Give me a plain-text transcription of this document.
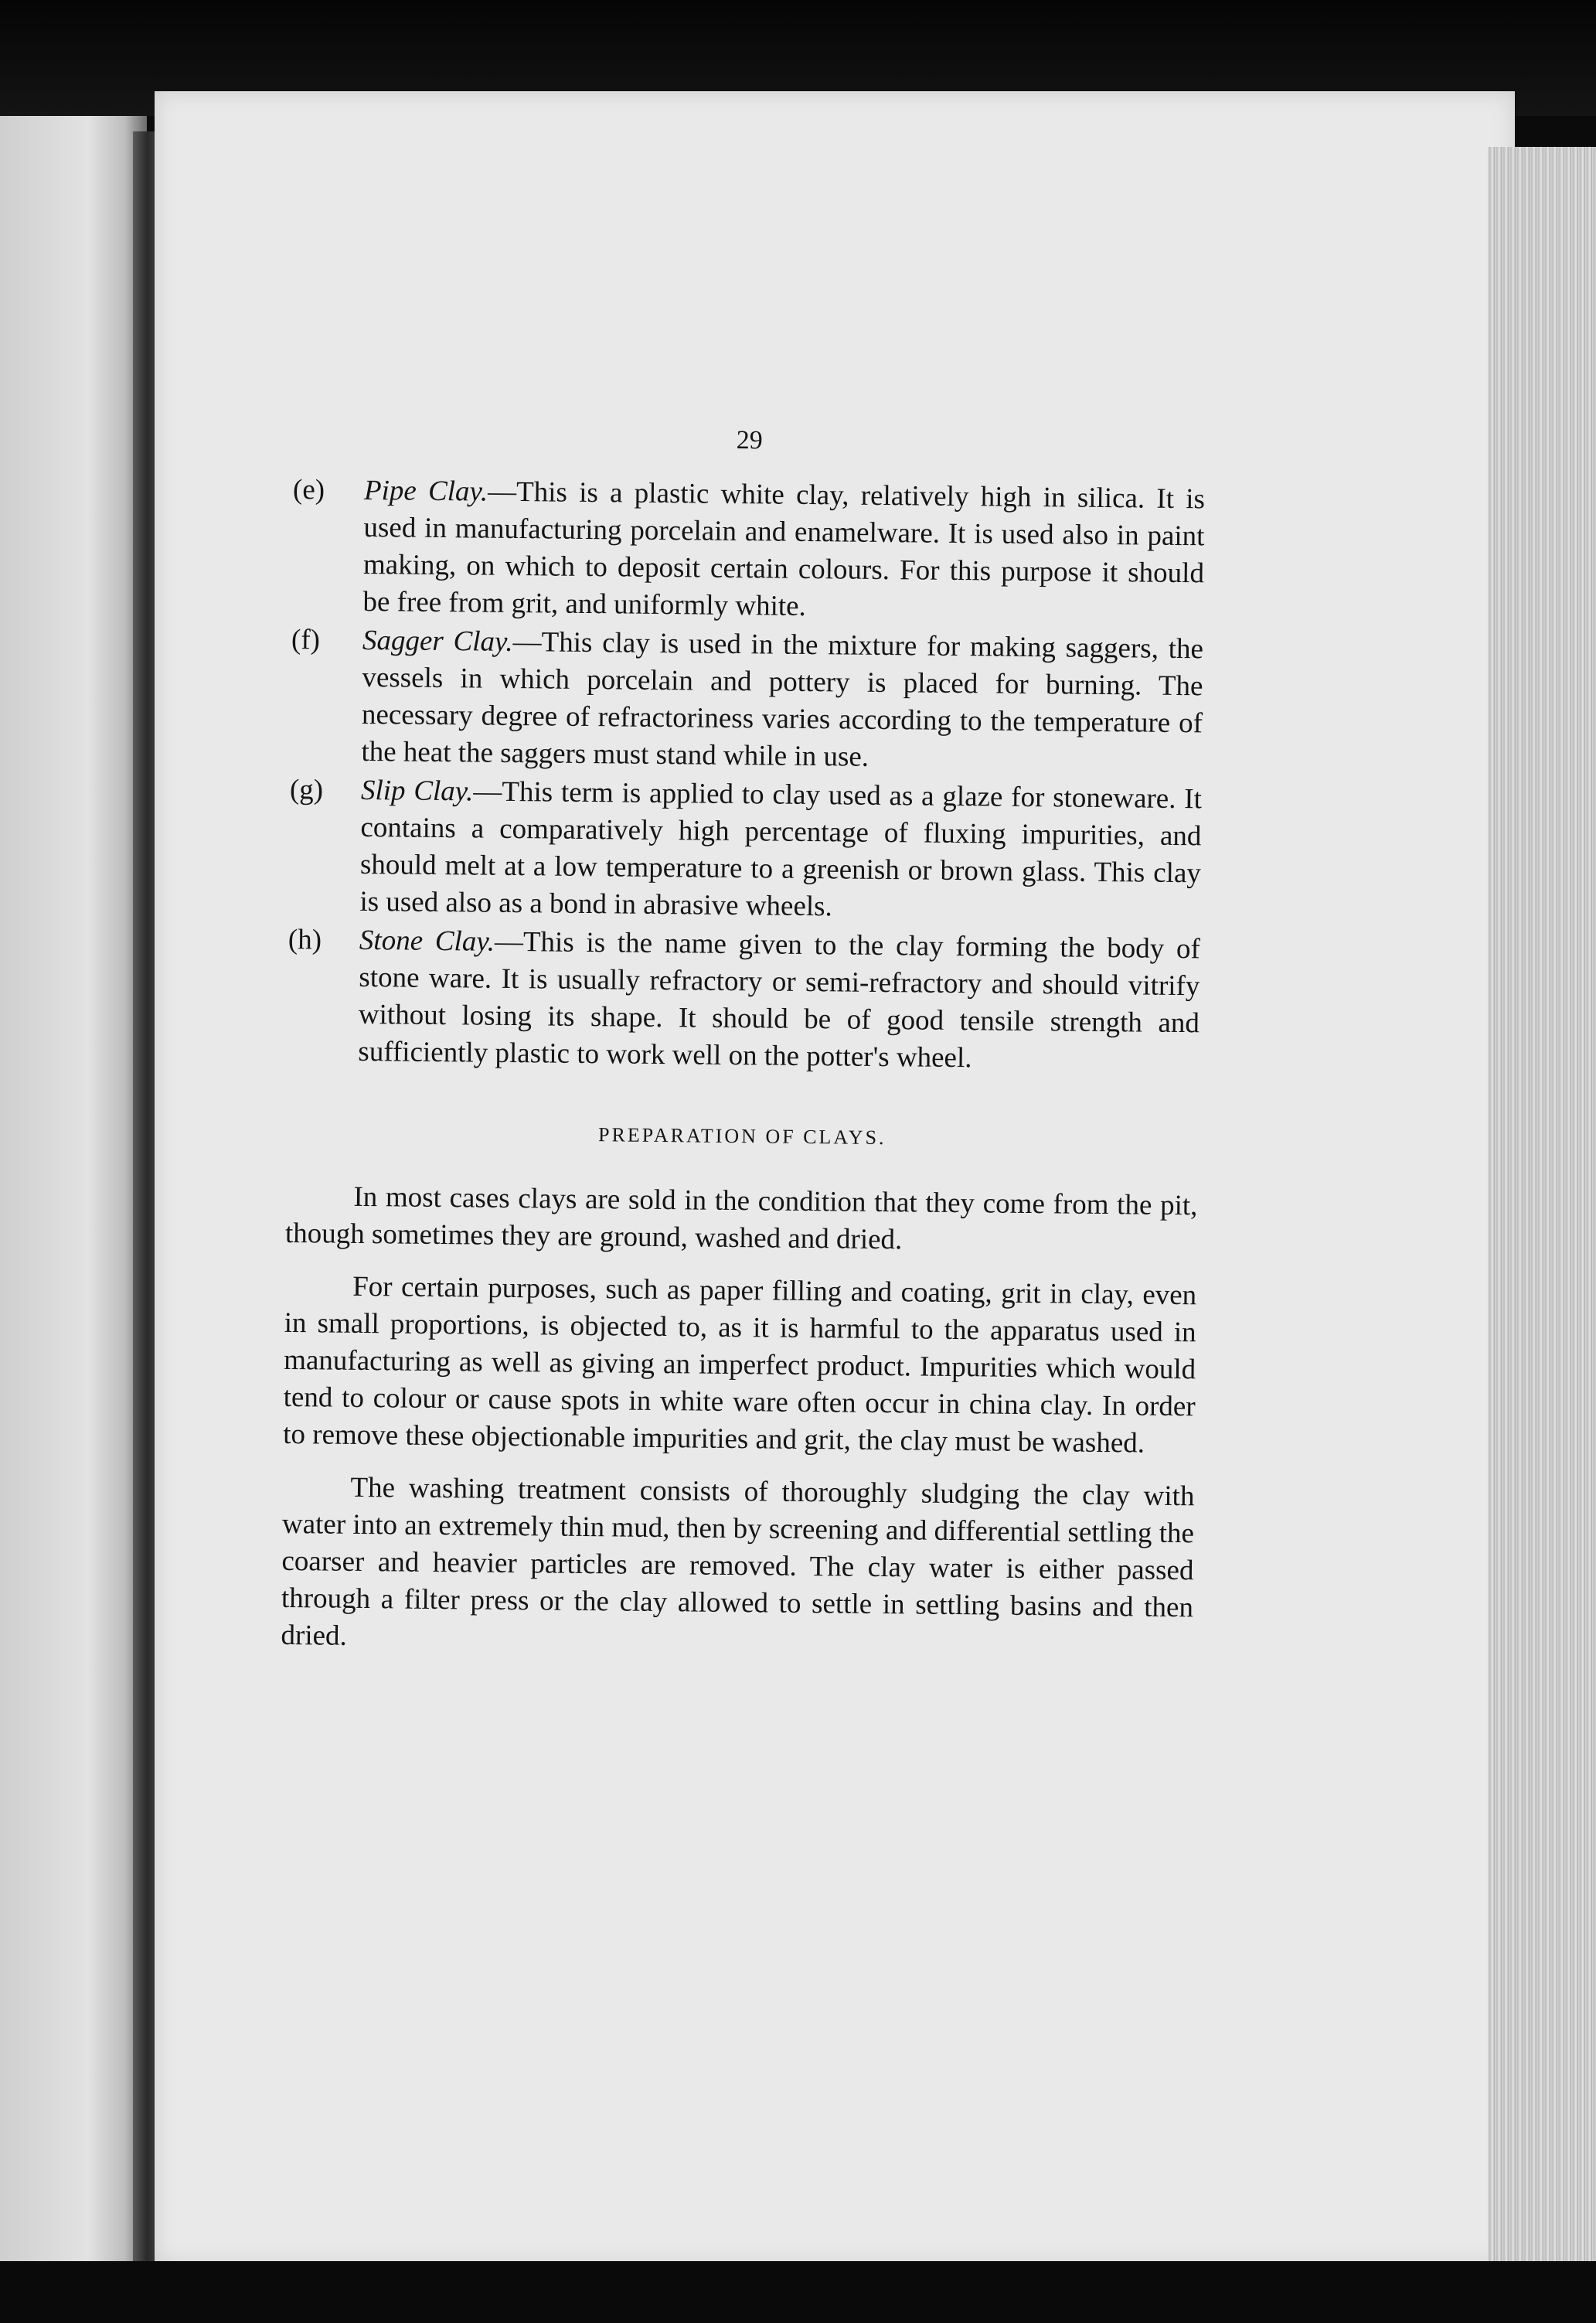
29
(e) Pipe Clay.—This is a plastic white clay, relatively high in silica. It is used in manufacturing porcelain and enamelware. It is used also in paint making, on which to deposit certain colours. For this purpose it should be free from grit, and uniformly white.
(f) Sagger Clay.—This clay is used in the mixture for making saggers, the vessels in which porcelain and pottery is placed for burning. The necessary degree of refractoriness varies according to the temperature of the heat the saggers must stand while in use.
(g) Slip Clay.—This term is applied to clay used as a glaze for stoneware. It contains a comparatively high percentage of fluxing impurities, and should melt at a low temperature to a greenish or brown glass. This clay is used also as a bond in abrasive wheels.
(h) Stone Clay.—This is the name given to the clay forming the body of stone ware. It is usually refractory or semi-refractory and should vitrify without losing its shape. It should be of good tensile strength and sufficiently plastic to work well on the potter's wheel.
PREPARATION OF CLAYS.

In most cases clays are sold in the condition that they come from the pit, though sometimes they are ground, washed and dried.

For certain purposes, such as paper filling and coating, grit in clay, even in small proportions, is objected to, as it is harmful to the apparatus used in manufacturing as well as giving an imperfect product. Impurities which would tend to colour or cause spots in white ware often occur in china clay. In order to remove these objectionable impurities and grit, the clay must be washed.

The washing treatment consists of thoroughly sludging the clay with water into an extremely thin mud, then by screening and differential settling the coarser and heavier particles are removed. The clay water is either passed through a filter press or the clay allowed to settle in settling basins and then dried.
